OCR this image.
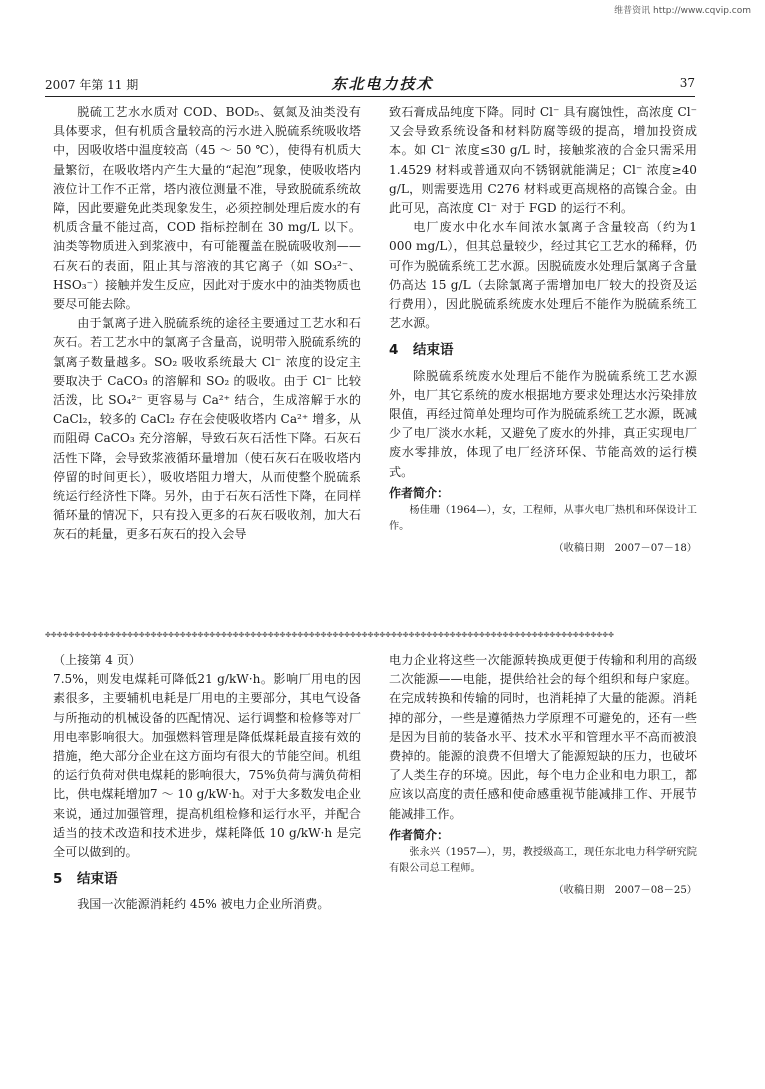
维普资讯 http://www.cqvip.com
2007 年第 11 期	东北电力技术	37

脱硫工艺水水质对 COD、BOD₅、氨氮及油类没有具体要求，但有机质含量较高的污水进入脱硫系统吸收塔中，因吸收塔中温度较高（45 ～ 50 ℃），使得有机质大量繁衍，在吸收塔内产生大量的“起泡”现象，使吸收塔内液位计工作不正常，塔内液位测量不准，导致脱硫系统故障，因此要避免此类现象发生，必须控制处理后废水的有机质含量不能过高，COD 指标控制在 30 mg/L 以下。油类等物质进入到浆液中，有可能覆盖在脱硫吸收剂——石灰石的表面，阻止其与溶液的其它离子（如 SO₃²⁻、HSO₃⁻）接触并发生反应，因此对于废水中的油类物质也要尽可能去除。

由于氯离子进入脱硫系统的途径主要通过工艺水和石灰石。若工艺水中的氯离子含量高，说明带入脱硫系统的氯离子数量越多。SO₂ 吸收系统最大 Cl⁻ 浓度的设定主要取决于 CaCO₃ 的溶解和 SO₂ 的吸收。由于 Cl⁻ 比较活泼，比 SO₄²⁻ 更容易与 Ca²⁺ 结合，生成溶解于水的 CaCl₂，较多的 CaCl₂ 存在会使吸收塔内 Ca²⁺ 增多，从而阻碍 CaCO₃ 充分溶解，导致石灰石活性下降。石灰石活性下降，会导致浆液循环量增加（使石灰石在吸收塔内停留的时间更长），吸收塔阻力增大，从而使整个脱硫系统运行经济性下降。另外，由于石灰石活性下降，在同样循环量的情况下，只有投入更多的石灰石吸收剂，加大石灰石的耗量，更多石灰石的投入会导

致石膏成品纯度下降。同时 Cl⁻ 具有腐蚀性，高浓度 Cl⁻ 又会导致系统设备和材料防腐等级的提高，增加投资成本。如 Cl⁻ 浓度≤30 g/L 时，接触浆液的合金只需采用 1.4529 材料或普通双向不锈钢就能满足；Cl⁻ 浓度≥40 g/L，则需要选用 C276 材料或更高规格的高镍合金。由此可见，高浓度 Cl⁻ 对于 FGD 的运行不利。

电厂废水中化水车间浓水氯离子含量较高（约为1 000 mg/L），但其总量较少，经过其它工艺水的稀释，仍可作为脱硫系统工艺水源。因脱硫废水处理后氯离子含量仍高达 15 g/L（去除氯离子需增加电厂较大的投资及运行费用），因此脱硫系统废水处理后不能作为脱硫系统工艺水源。

4 结束语

除脱硫系统废水处理后不能作为脱硫系统工艺水源外，电厂其它系统的废水根据地方要求处理达水污染排放限值，再经过简单处理均可作为脱硫系统工艺水源，既减少了电厂淡水水耗，又避免了废水的外排，真正实现电厂废水零排放，体现了电厂经济环保、节能高效的运行模式。

作者简介：
杨佳珊（1964—），女，工程师，从事火电厂热机和环保设计工作。
（收稿日期　2007－07－18）
✤✤✤✤✤✤✤✤✤✤✤✤✤✤✤✤✤✤✤✤✤✤✤✤✤✤✤✤✤✤✤✤✤✤✤✤✤✤✤✤✤✤✤✤✤✤✤✤✤✤✤✤✤✤✤✤✤✤✤✤✤✤✤✤✤✤✤✤✤✤✤✤✤✤✤✤✤✤✤✤✤✤✤✤✤✤✤✤✤✤✤✤✤✤✤✤✤

（上接第 4 页）

7.5%，则发电煤耗可降低21 g/kW·h。影响厂用电的因素很多，主要辅机电耗是厂用电的主要部分，其电气设备与所拖动的机械设备的匹配情况、运行调整和检修等对厂用电率影响很大。加强燃料管理是降低煤耗最直接有效的措施，绝大部分企业在这方面均有很大的节能空间。机组的运行负荷对供电煤耗的影响很大，75%负荷与满负荷相比，供电煤耗增加7 ～ 10 g/kW·h。对于大多数发电企业来说，通过加强管理，提高机组检修和运行水平，并配合适当的技术改造和技术进步，煤耗降低 10 g/kW·h 是完全可以做到的。

5 结束语

我国一次能源消耗约 45% 被电力企业所消费。

电力企业将这些一次能源转换成更便于传输和利用的高级二次能源——电能，提供给社会的每个组织和每户家庭。在完成转换和传输的同时，也消耗掉了大量的能源。消耗掉的部分，一些是遵循热力学原理不可避免的，还有一些是因为目前的装备水平、技术水平和管理水平不高而被浪费掉的。能源的浪费不但增大了能源短缺的压力，也破坏了人类生存的环境。因此，每个电力企业和电力职工，都应该以高度的责任感和使命感重视节能减排工作、开展节能减排工作。

作者简介：
张永兴（1957—），男，教授级高工，现任东北电力科学研究院有限公司总工程师。
（收稿日期　2007－08－25）
